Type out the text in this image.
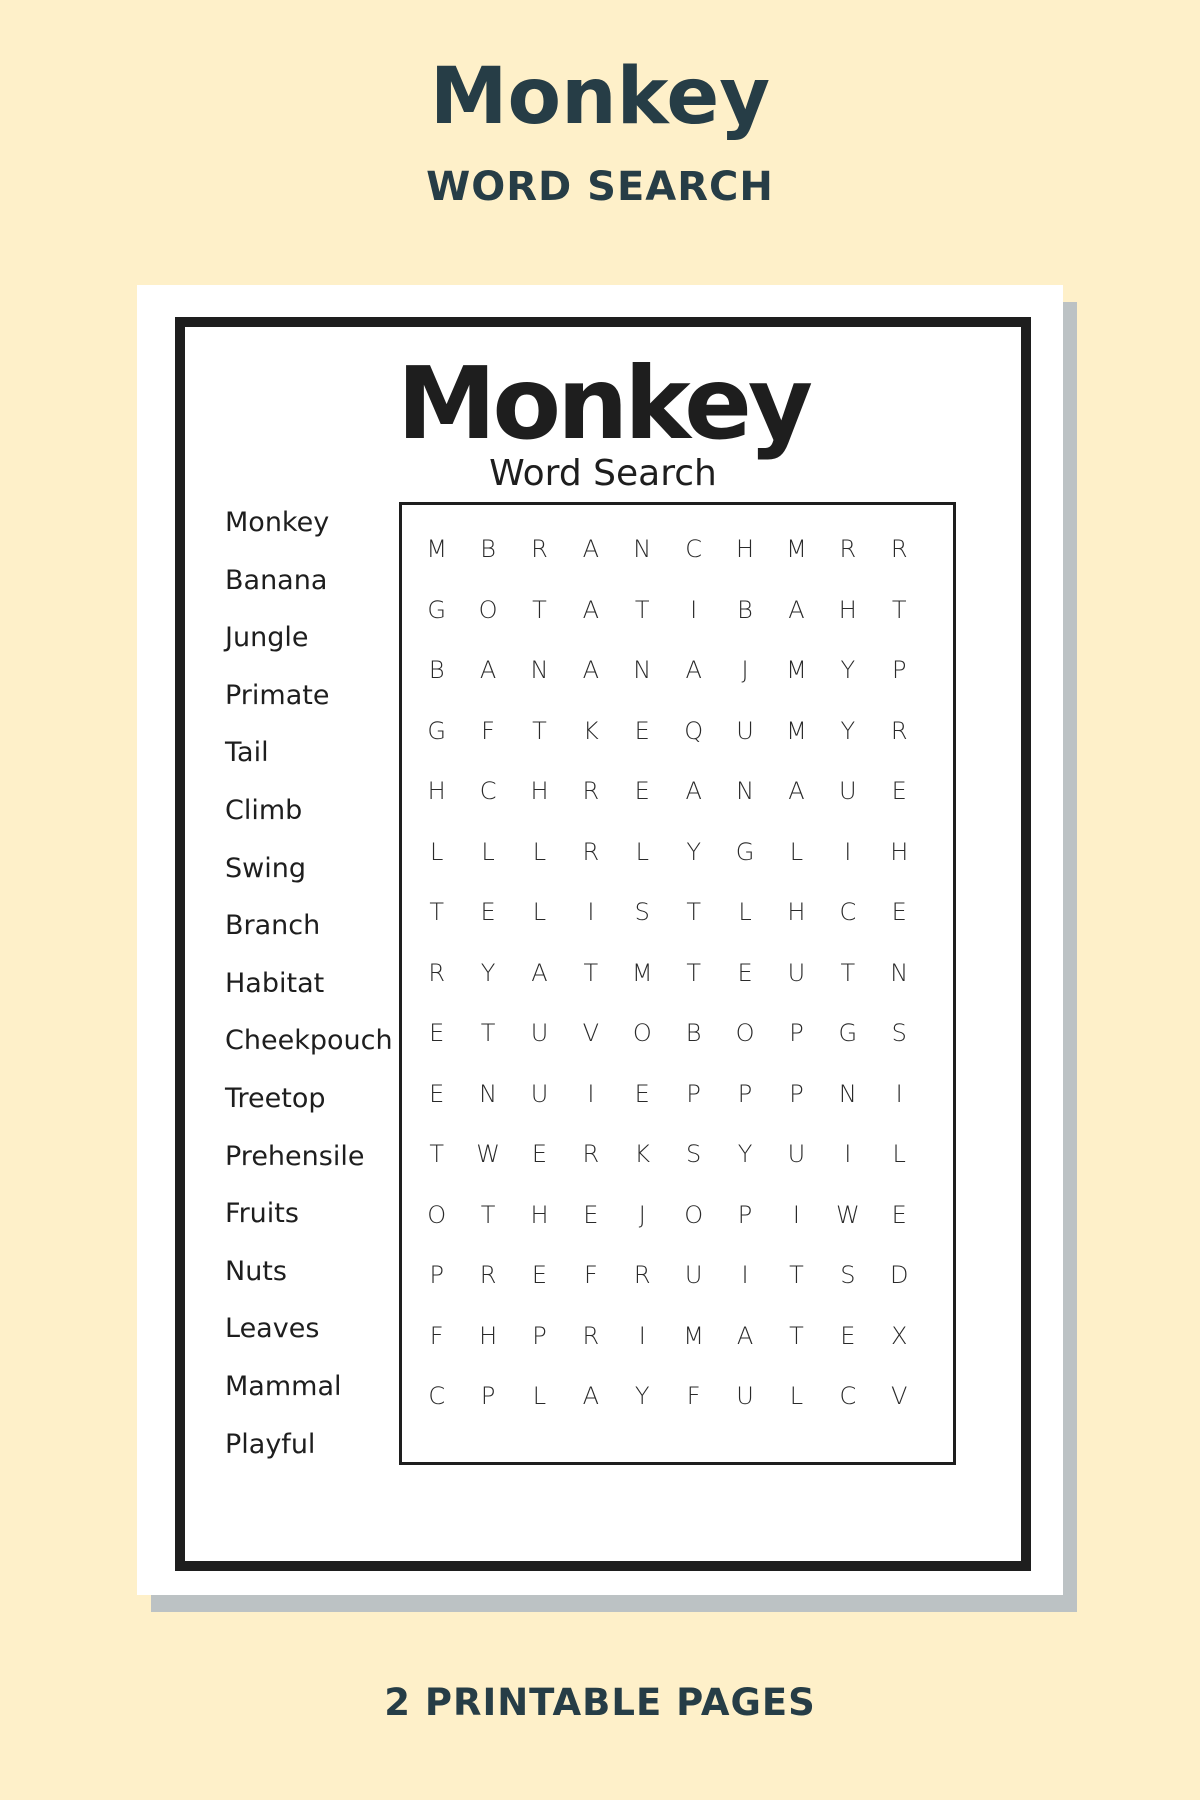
Monkey
WORD SEARCH
Monkey
Word Search
Monkey
Banana
Jungle
Primate
Tail
Climb
Swing
Branch
Habitat
Cheekpouch
Treetop
Prehensile
Fruits
Nuts
Leaves
Mammal
Playful
M	B	R	A	N	C	H	M	R	R
G	O	T	A	T	I	B	A	H	T
B	A	N	A	N	A	J	M	Y	P
G	F	T	K	E	Q	U	M	Y	R
H	C	H	R	E	A	N	A	U	E
L	L	L	R	L	Y	G	L	I	H
T	E	L	I	S	T	L	H	C	E
R	Y	A	T	M	T	E	U	T	N
E	T	U	V	O	B	O	P	G	S
E	N	U	I	E	P	P	P	N	I
T	W	E	R	K	S	Y	U	I	L
O	T	H	E	J	O	P	I	W	E
P	R	E	F	R	U	I	T	S	D
F	H	P	R	I	M	A	T	E	X
C	P	L	A	Y	F	U	L	C	V
2 PRINTABLE PAGES
